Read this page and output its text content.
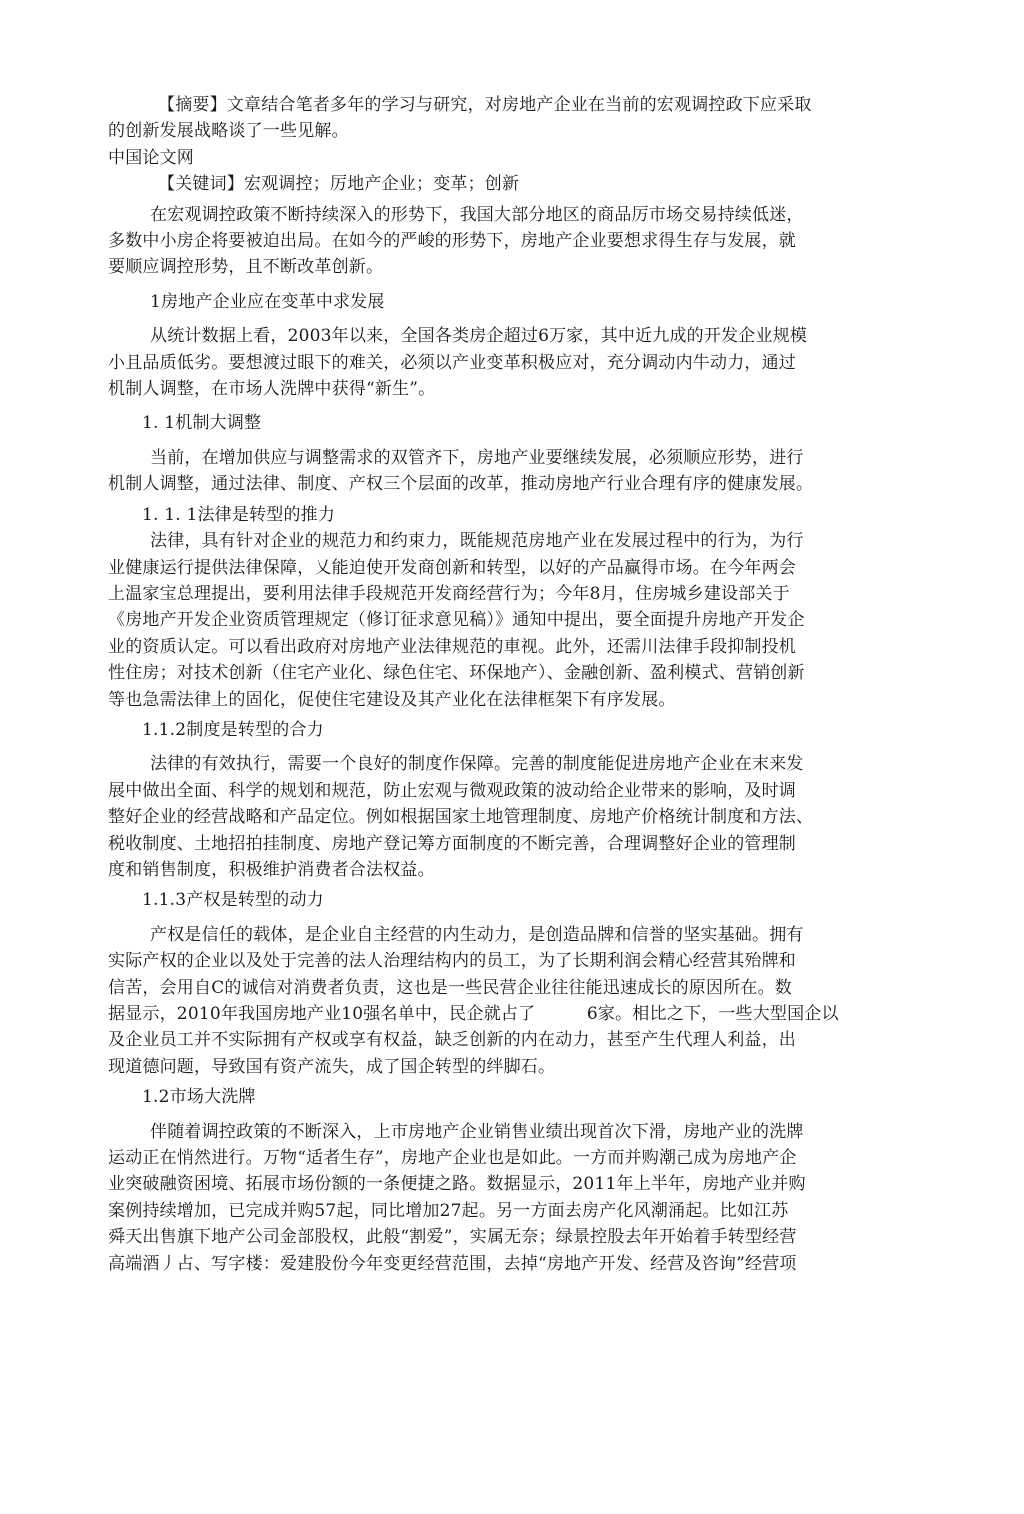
【摘要】文章结合笔者多年的学习与研究，对房地产企业在当前的宏观调控政下应采取
的创新发展战略谈了一些见解。
中国论文网
【关键词】宏观调控；厉地产企业；变革；创新
在宏观调控政策不断持续深入的形势下，我国大部分地区的商品厉市场交易持续低迷，
多数中小房企将要被迫出局。在如今的严峻的形势下，房地产企业要想求得生存与发展，就
要顺应调控形势，且不断改革创新。
1房地产企业应在变革中求发展
从统计数据上看，2003年以来，全国各类房企超过6万家，其中近九成的开发企业规模
小且品质低劣。要想渡过眼下的难关，必须以产业变革积极应对，充分调动内牛动力，通过
机制人调整，在市场人洗牌中获得“新生”。
1. 1机制大调整
当前，在增加供应与调整需求的双管齐下，房地产业要继续发展，必须顺应形势，进行
机制人调整，通过法律、制度、产权三个层面的改革，推动房地产行业合理有序的健康发展。
1. 1. 1法律是转型的推力
法律，具有针对企业的规范力和约束力，既能规范房地产业在发展过程中的行为，为行
业健康运行提供法律保障，乂能迫使开发商创新和转型，以好的产品赢得市场。在今年两会
上温家宝总理提出，要利用法律手段规范开发商经营行为；今年8月，住房城乡建设部关于
《房地产开发企业资质管理规定（修订征求意见稿）》通知中提出，要全面提升房地产开发企
业的资质认定。可以看出政府对房地产业法律规范的車视。此外，还需川法律手段抑制投机
性住房；对技术创新（住宅产业化、绿色住宅、环保地产）、金融创新、盈利模式、营销创新
等也急需法律上的固化，促使住宅建设及其产业化在法律框架下有序发展。
1.1.2制度是转型的合力
法律的有效执行，需要一个良好的制度作保障。完善的制度能促进房地产企业在末来发
展中做出全面、科学的规划和规范，防止宏观与微观政策的波动给企业带来的影响，及时调
整好企业的经营战略和产品定位。例如根据国家土地管理制度、房地产价格统计制度和方法、
税收制度、土地招拍挂制度、房地产登记筹方面制度的不断完善，合理调整好企业的管理制
度和销售制度，积极维护消费者合法权益。
1.1.3产权是转型的动力
产权是信任的载体，是企业自主经营的内生动力，是创造品牌和信誉的坚实基础。拥有
实际产权的企业以及处于完善的法人治理结构内的员工，为了长期利润会精心经营其殆牌和
信苦，会用自C的诚信对消费者负责，这也是一些民营企业往往能迅速成长的原因所在。数
据显示，2010年我国房地产业10强名单中，民企就占了　　　6家。相比之下，一些大型国企以
及企业员工并不实际拥有产权或享有权益，缺乏创新的内在动力，甚至产生代理人利益，出
现道德问题，导致国有资产流失，成了国企转型的绊脚石。
1.2市场大洗牌
伴随着调控政策的不断深入，上市房地产企业销售业绩出现首次下滑，房地产业的洗牌
运动正在悄然进行。万物“适者生存”，房地产企业也是如此。一方而并购潮己成为房地产企
业突破融资困境、拓展市场份额的一条便捷之路。数据显示，2011年上半年，房地产业并购
案例持续增加，已完成并购57起，同比增加27起。另一方面去房产化风潮涌起。比如江苏
舜天出售旗下地产公司金部股权，此般“割爱”，实属无奈；绿景控股去年开始着手转型经营
高端酒丿占、写字楼：爱建股份今年变更经营范围，去掉“房地产开发、经营及咨询”经营项
